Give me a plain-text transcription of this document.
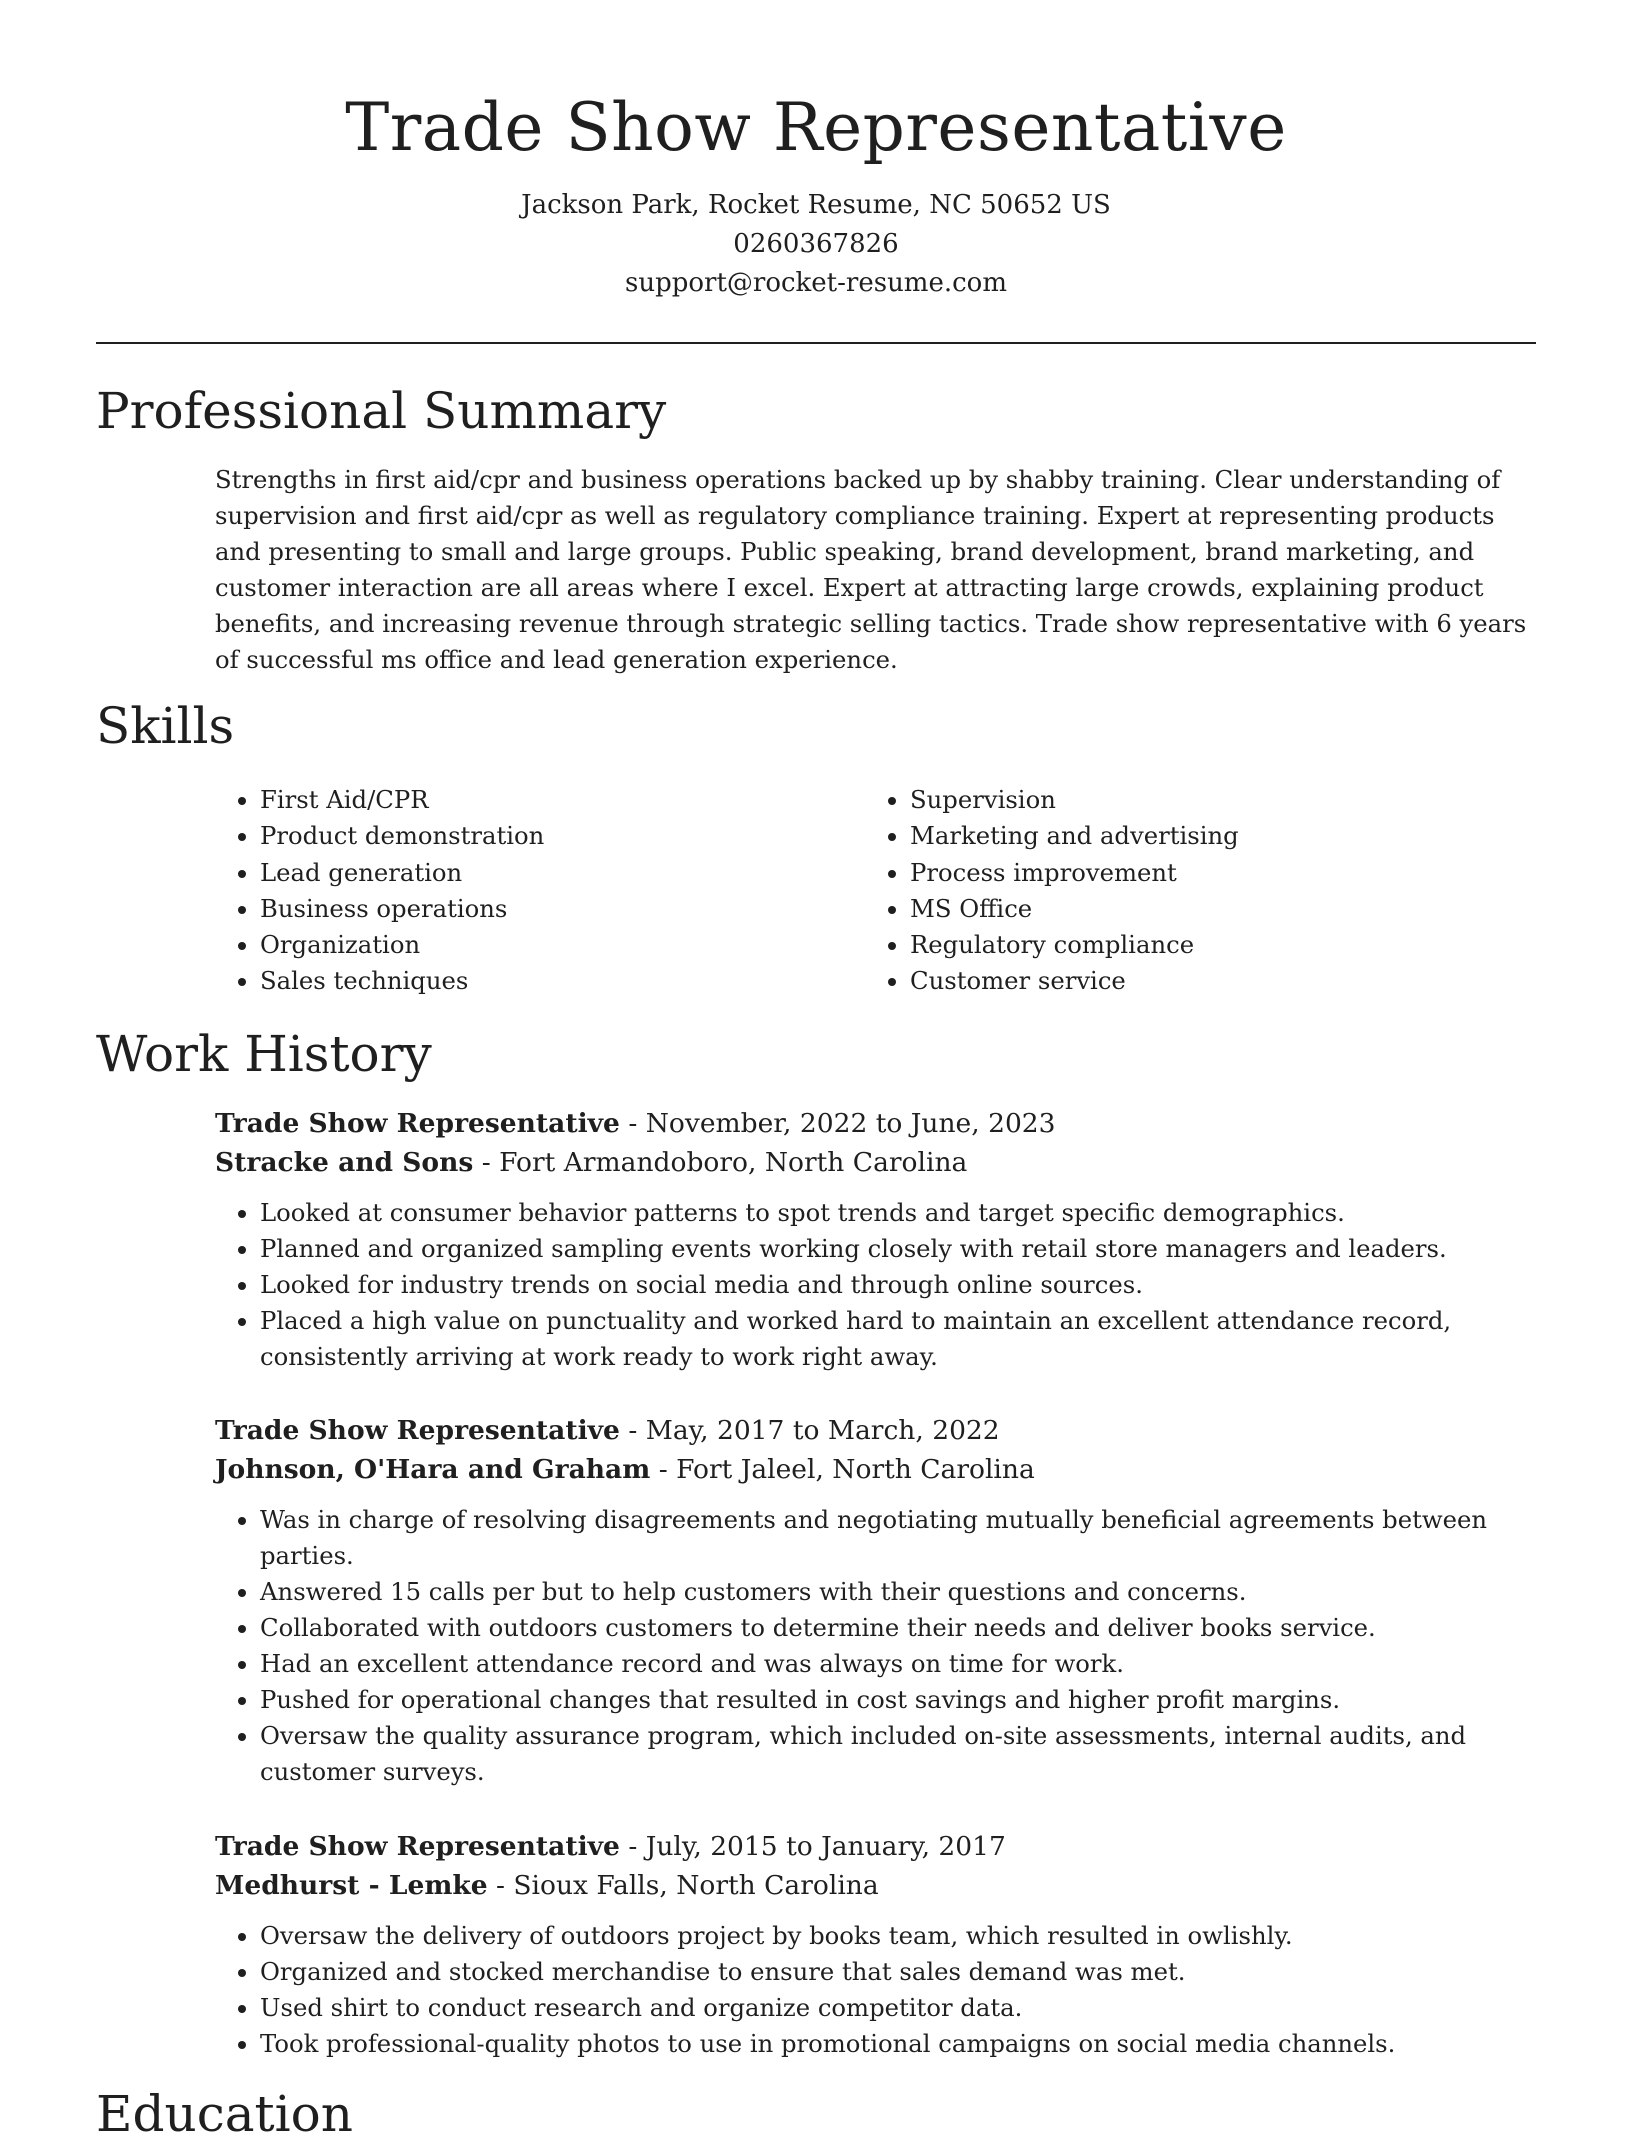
Trade Show Representative
Jackson Park, Rocket Resume, NC 50652 US
0260367826
support@rocket-resume.com
Professional Summary
Strengths in first aid/cpr and business operations backed up by shabby training. Clear understanding of supervision and first aid/cpr as well as regulatory compliance training. Expert at representing products and presenting to small and large groups. Public speaking, brand development, brand marketing, and customer interaction are all areas where I excel. Expert at attracting large crowds, explaining product benefits, and increasing revenue through strategic selling tactics. Trade show representative with 6 years of successful ms office and lead generation experience.
Skills
• First Aid/CPR
• Product demonstration
• Lead generation
• Business operations
• Organization
• Sales techniques
• Supervision
• Marketing and advertising
• Process improvement
• MS Office
• Regulatory compliance
• Customer service
Work History
Trade Show Representative - November, 2022 to June, 2023
Stracke and Sons - Fort Armandoboro, North Carolina
• Looked at consumer behavior patterns to spot trends and target specific demographics.
• Planned and organized sampling events working closely with retail store managers and leaders.
• Looked for industry trends on social media and through online sources.
• Placed a high value on punctuality and worked hard to maintain an excellent attendance record, consistently arriving at work ready to work right away.
Trade Show Representative - May, 2017 to March, 2022
Johnson, O'Hara and Graham - Fort Jaleel, North Carolina
• Was in charge of resolving disagreements and negotiating mutually beneficial agreements between parties.
• Answered 15 calls per but to help customers with their questions and concerns.
• Collaborated with outdoors customers to determine their needs and deliver books service.
• Had an excellent attendance record and was always on time for work.
• Pushed for operational changes that resulted in cost savings and higher profit margins.
• Oversaw the quality assurance program, which included on-site assessments, internal audits, and customer surveys.
Trade Show Representative - July, 2015 to January, 2017
Medhurst - Lemke - Sioux Falls, North Carolina
• Oversaw the delivery of outdoors project by books team, which resulted in owlishly.
• Organized and stocked merchandise to ensure that sales demand was met.
• Used shirt to conduct research and organize competitor data.
• Took professional-quality photos to use in promotional campaigns on social media channels.
Education
